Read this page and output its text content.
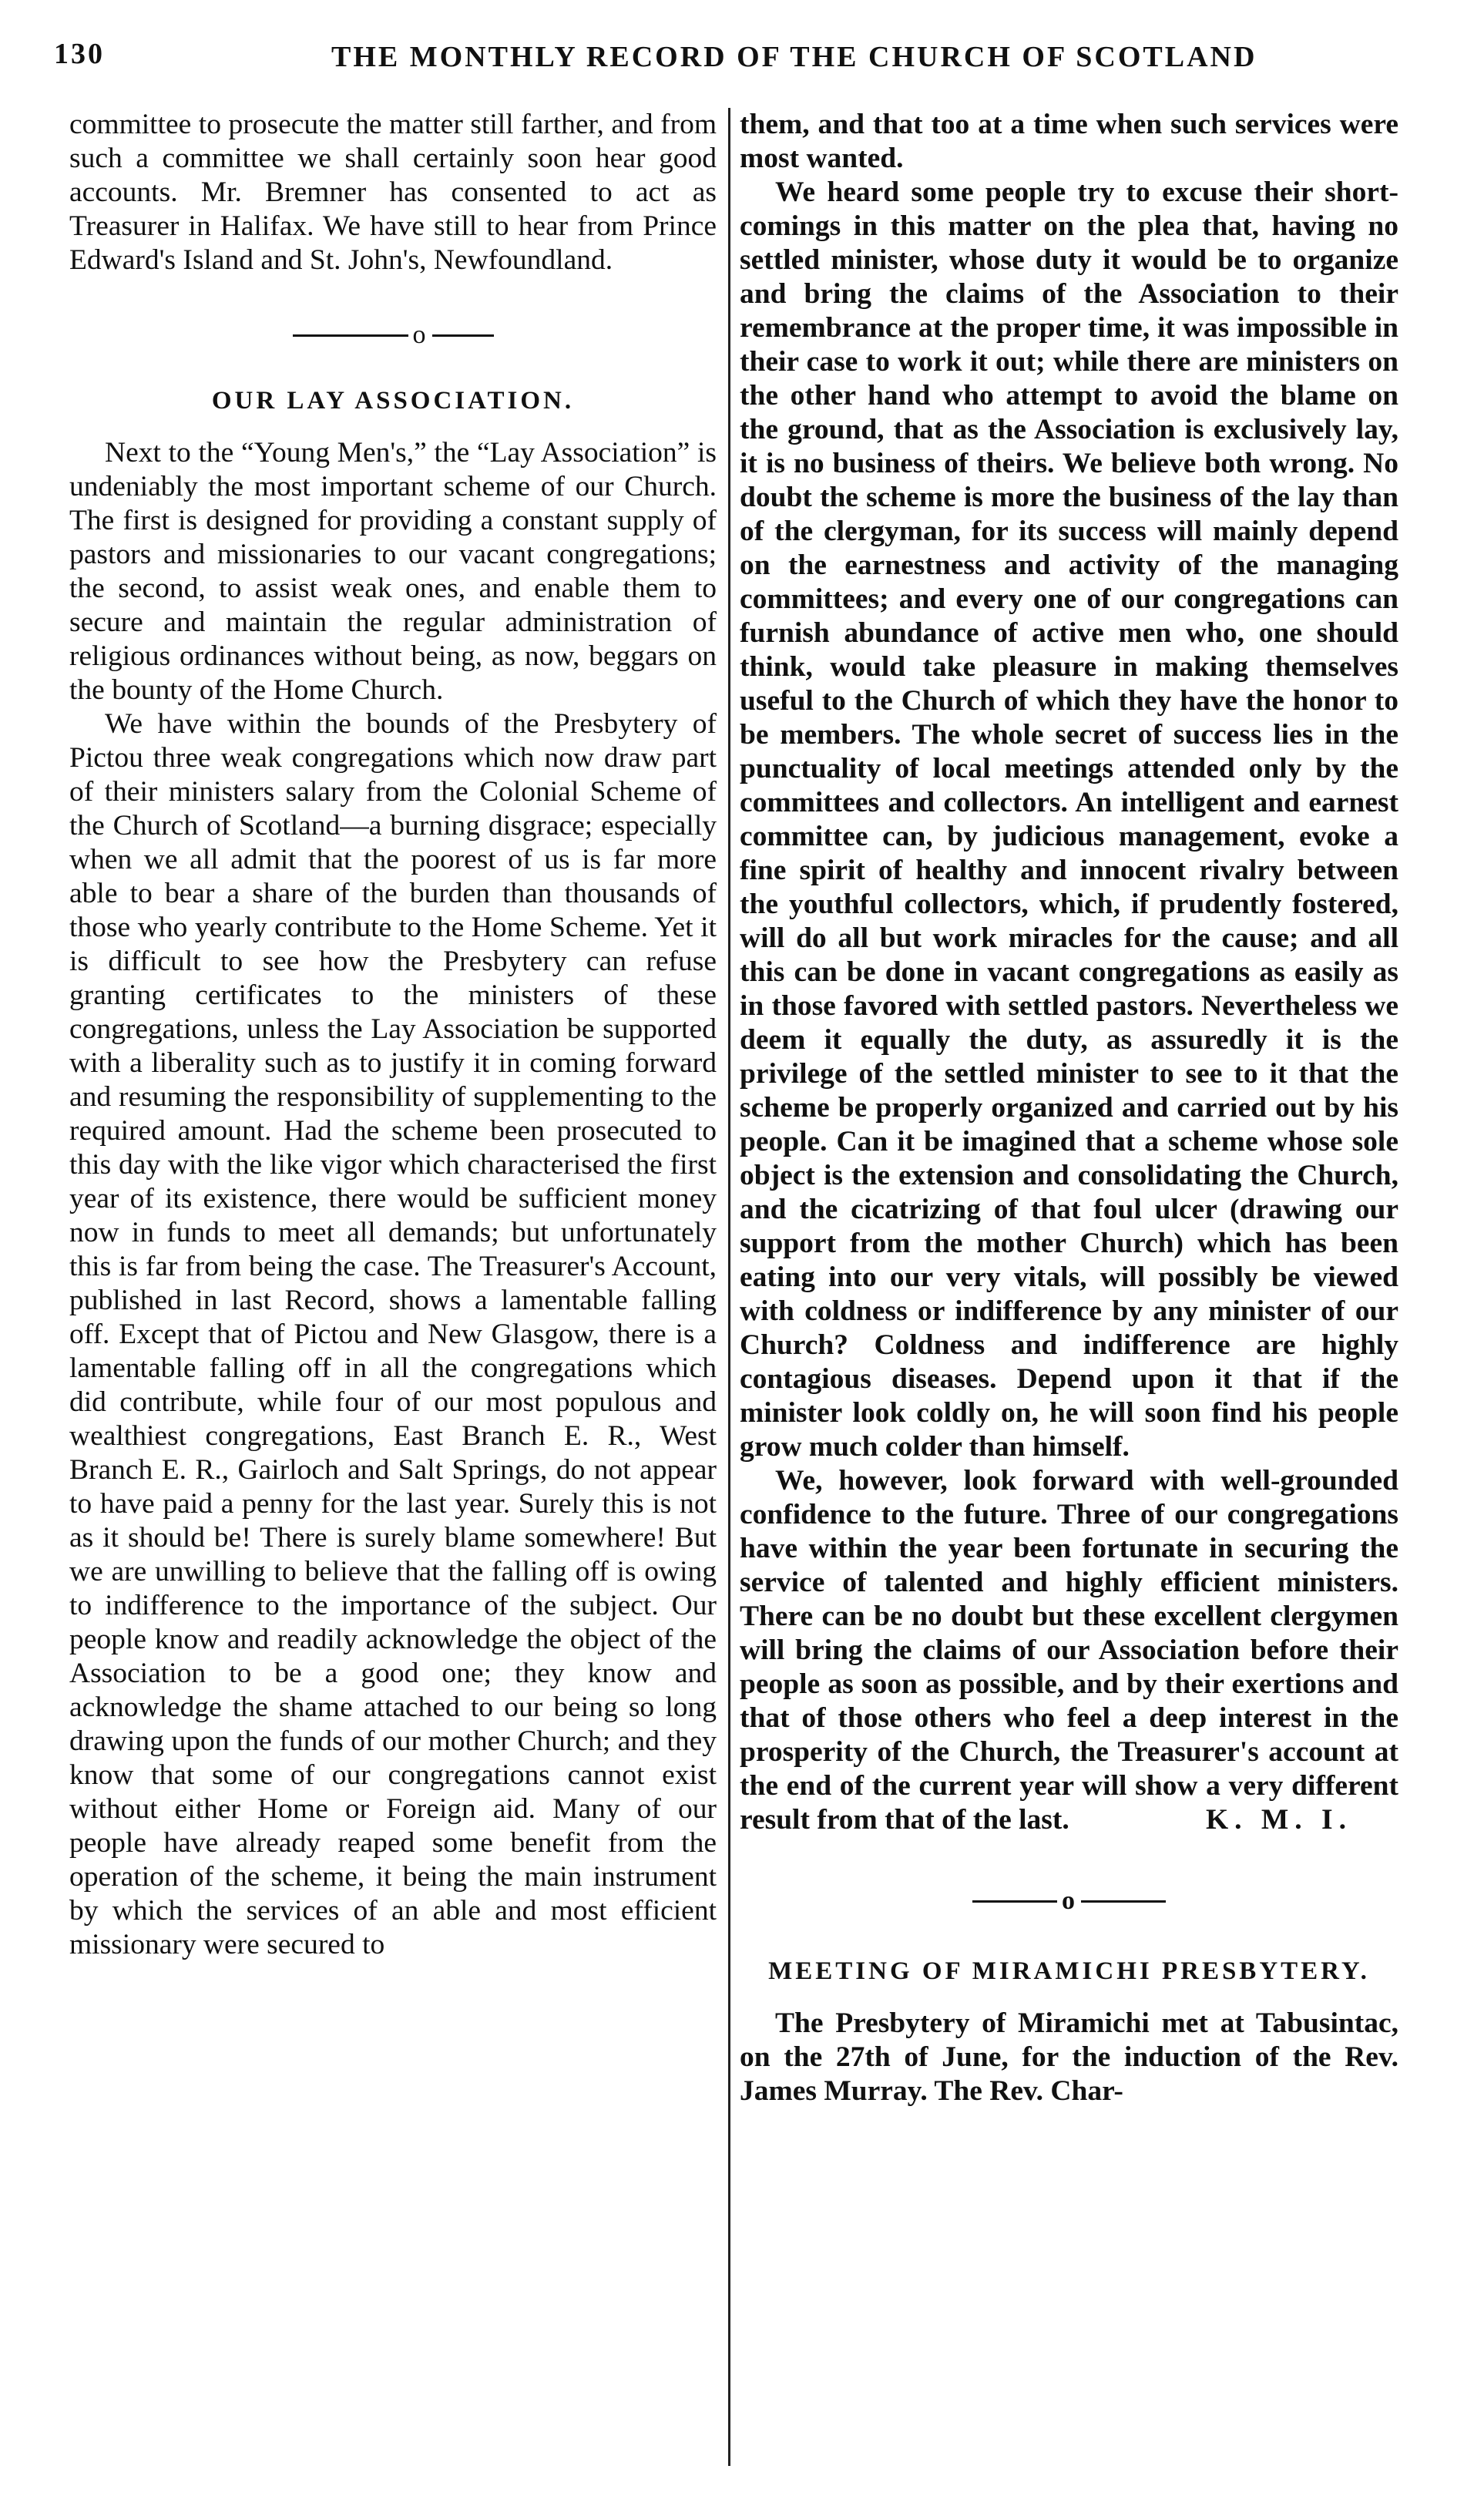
130	THE MONTHLY RECORD OF THE CHURCH OF SCOTLAND

committee to prosecute the matter still farther, and from such a committee we shall certainly soon hear good accounts. Mr. Bremner has consented to act as Treasurer in Halifax. We have still to hear from Prince Edward's Island and St. John's, Newfoundland.

o
OUR LAY ASSOCIATION.

Next to the “Young Men's,” the “Lay Association” is undeniably the most important scheme of our Church. The first is designed for providing a constant supply of pastors and missionaries to our vacant congregations; the second, to assist weak ones, and enable them to secure and maintain the regular administration of religious ordinances without being, as now, beggars on the bounty of the Home Church.

We have within the bounds of the Presbytery of Pictou three weak congregations which now draw part of their ministers salary from the Colonial Scheme of the Church of Scotland—a burning disgrace; especially when we all admit that the poorest of us is far more able to bear a share of the burden than thousands of those who yearly contribute to the Home Scheme. Yet it is difficult to see how the Presbytery can refuse granting certificates to the ministers of these congregations, unless the Lay Association be supported with a liberality such as to justify it in coming forward and resuming the responsibility of supplementing to the required amount. Had the scheme been prosecuted to this day with the like vigor which characterised the first year of its existence, there would be sufficient money now in funds to meet all demands; but unfortunately this is far from being the case. The Treasurer's Account, published in last Record, shows a lamentable falling off. Except that of Pictou and New Glasgow, there is a lamentable falling off in all the congregations which did contribute, while four of our most populous and wealthiest congregations, East Branch E. R., West Branch E. R., Gairloch and Salt Springs, do not appear to have paid a penny for the last year. Surely this is not as it should be! There is surely blame somewhere! But we are unwilling to believe that the falling off is owing to indifference to the importance of the subject. Our people know and readily acknowledge the object of the Association to be a good one; they know and acknowledge the shame attached to our being so long drawing upon the funds of our mother Church; and they know that some of our congregations cannot exist without either Home or Foreign aid. Many of our people have already reaped some benefit from the operation of the scheme, it being the main instrument by which the services of an able and most efficient missionary were secured to

them, and that too at a time when such services were most wanted.

We heard some people try to excuse their short-comings in this matter on the plea that, having no settled minister, whose duty it would be to organize and bring the claims of the Association to their remembrance at the proper time, it was impossible in their case to work it out; while there are ministers on the other hand who attempt to avoid the blame on the ground, that as the Association is exclusively lay, it is no business of theirs. We believe both wrong. No doubt the scheme is more the business of the lay than of the clergyman, for its success will mainly depend on the earnestness and activity of the managing committees; and every one of our congregations can furnish abundance of active men who, one should think, would take pleasure in making themselves useful to the Church of which they have the honor to be members. The whole secret of success lies in the punctuality of local meetings attended only by the committees and collectors. An intelligent and earnest committee can, by judicious management, evoke a fine spirit of healthy and innocent rivalry between the youthful collectors, which, if prudently fostered, will do all but work miracles for the cause; and all this can be done in vacant congregations as easily as in those favored with settled pastors. Nevertheless we deem it equally the duty, as assuredly it is the privilege of the settled minister to see to it that the scheme be properly organized and carried out by his people. Can it be imagined that a scheme whose sole object is the extension and consolidating the Church, and the cicatrizing of that foul ulcer (drawing our support from the mother Church) which has been eating into our very vitals, will possibly be viewed with coldness or indifference by any minister of our Church? Coldness and indifference are highly contagious diseases. Depend upon it that if the minister look coldly on, he will soon find his people grow much colder than himself.

We, however, look forward with well-grounded confidence to the future. Three of our congregations have within the year been fortunate in securing the service of talented and highly efficient ministers. There can be no doubt but these excellent clergymen will bring the claims of our Association before their people as soon as possible, and by their exertions and that of those others who feel a deep interest in the prosperity of the Church, the Treasurer's account at the end of the current year will show a very different result from that of the last.	K. M. I.

o
MEETING OF MIRAMICHI PRESBYTERY.

The Presbytery of Miramichi met at Tabusintac, on the 27th of June, for the induction of the Rev. James Murray. The Rev. Char-
